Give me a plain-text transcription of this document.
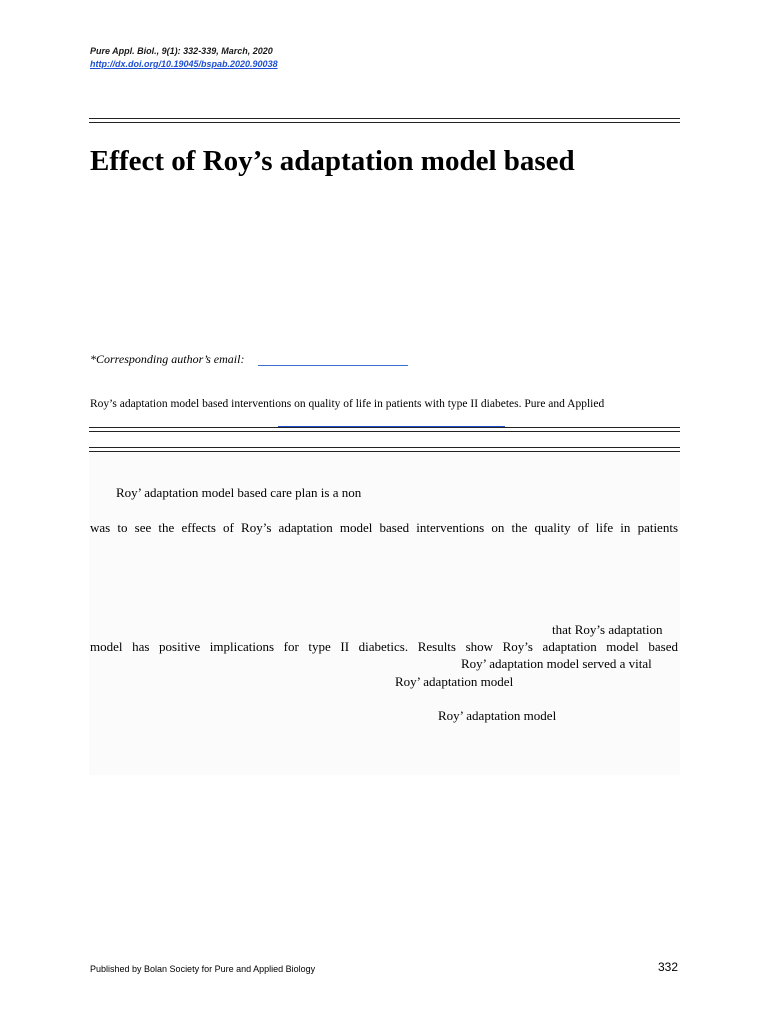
Pure Appl. Biol., 9(1): 332-339, March, 2020
http://dx.doi.org/10.19045/bspab.2020.90038
Effect of Roy’s adaptation model based
*Corresponding author’s email:
Roy’s adaptation model based interventions on quality of life in patients with type II diabetes. Pure and Applied
Roy’ adaptation model based care plan is a non
was to see the effects of Roy’s adaptation model based interventions on the quality of life in patients
that Roy’s adaptation
model has positive implications for type II diabetics. Results show Roy’s adaptation model based
Roy’ adaptation model served a vital
Roy’ adaptation model
Roy’ adaptation model
Published by Bolan Society for Pure and Applied Biology	332
